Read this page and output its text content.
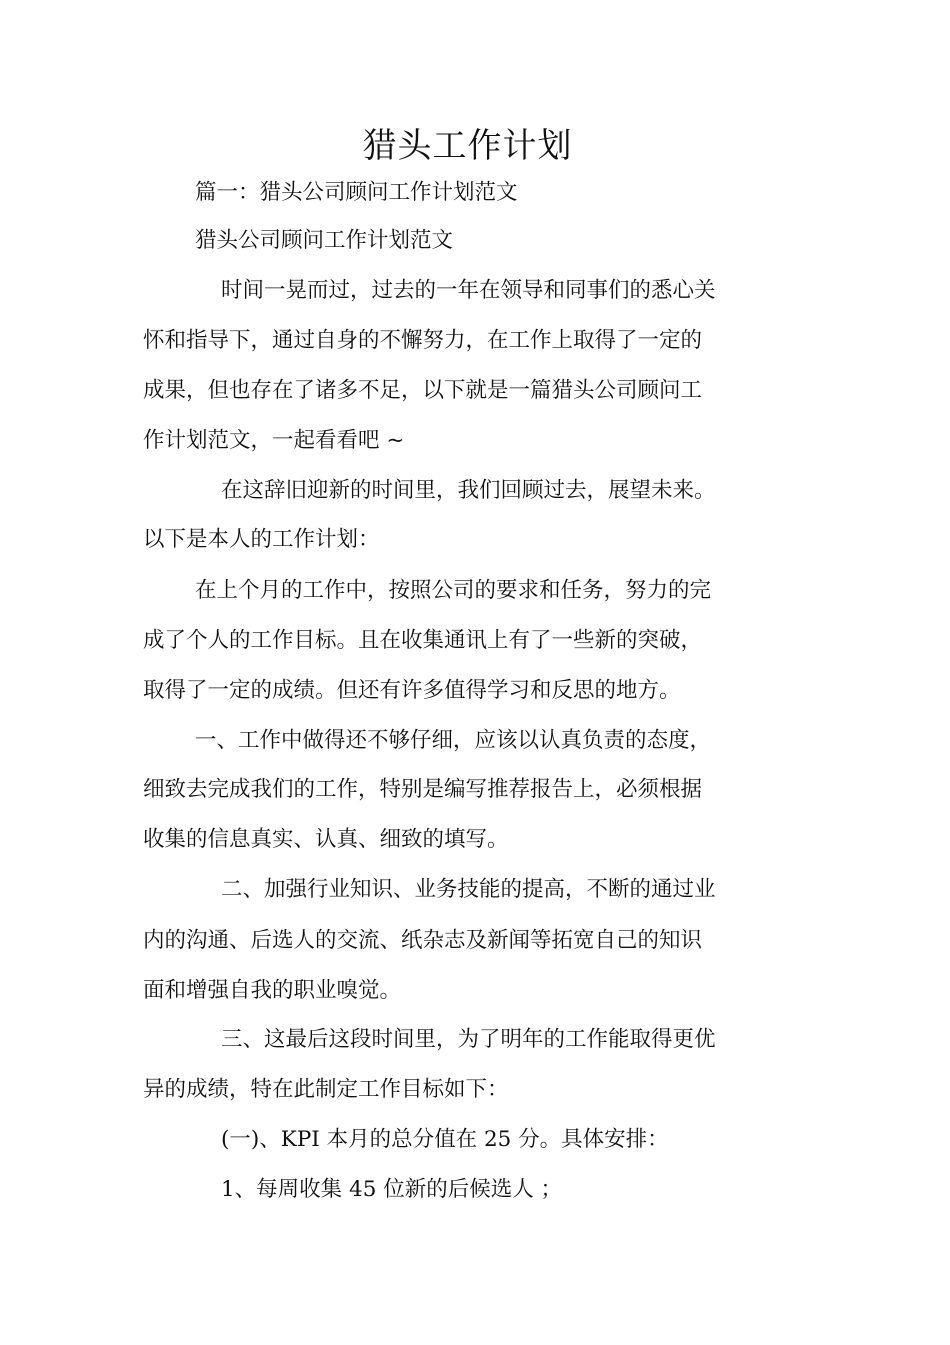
猎头工作计划
篇一：猎头公司顾问工作计划范文
猎头公司顾问工作计划范文
时间一晃而过，过去的一年在领导和同事们的悉心关
怀和指导下，通过自身的不懈努力，在工作上取得了一定的
成果，但也存在了诸多不足，以下就是一篇猎头公司顾问工
作计划范文，一起看看吧 ~
在这辞旧迎新的时间里，我们回顾过去，展望未来。
以下是本人的工作计划：
在上个月的工作中，按照公司的要求和任务，努力的完
成了个人的工作目标。且在收集通讯上有了一些新的突破，
取得了一定的成绩。但还有许多值得学习和反思的地方。
一、工作中做得还不够仔细，应该以认真负责的态度，
细致去完成我们的工作，特别是编写推荐报告上，必须根据
收集的信息真实、认真、细致的填写。
二、加强行业知识、业务技能的提高，不断的通过业
内的沟通、后选人的交流、纸杂志及新闻等拓宽自己的知识
面和增强自我的职业嗅觉。
三、这最后这段时间里，为了明年的工作能取得更优
异的成绩，特在此制定工作目标如下：
(一)、KPI 本月的总分值在 25 分。具体安排：
1、每周收集 45 位新的后候选人 ；
